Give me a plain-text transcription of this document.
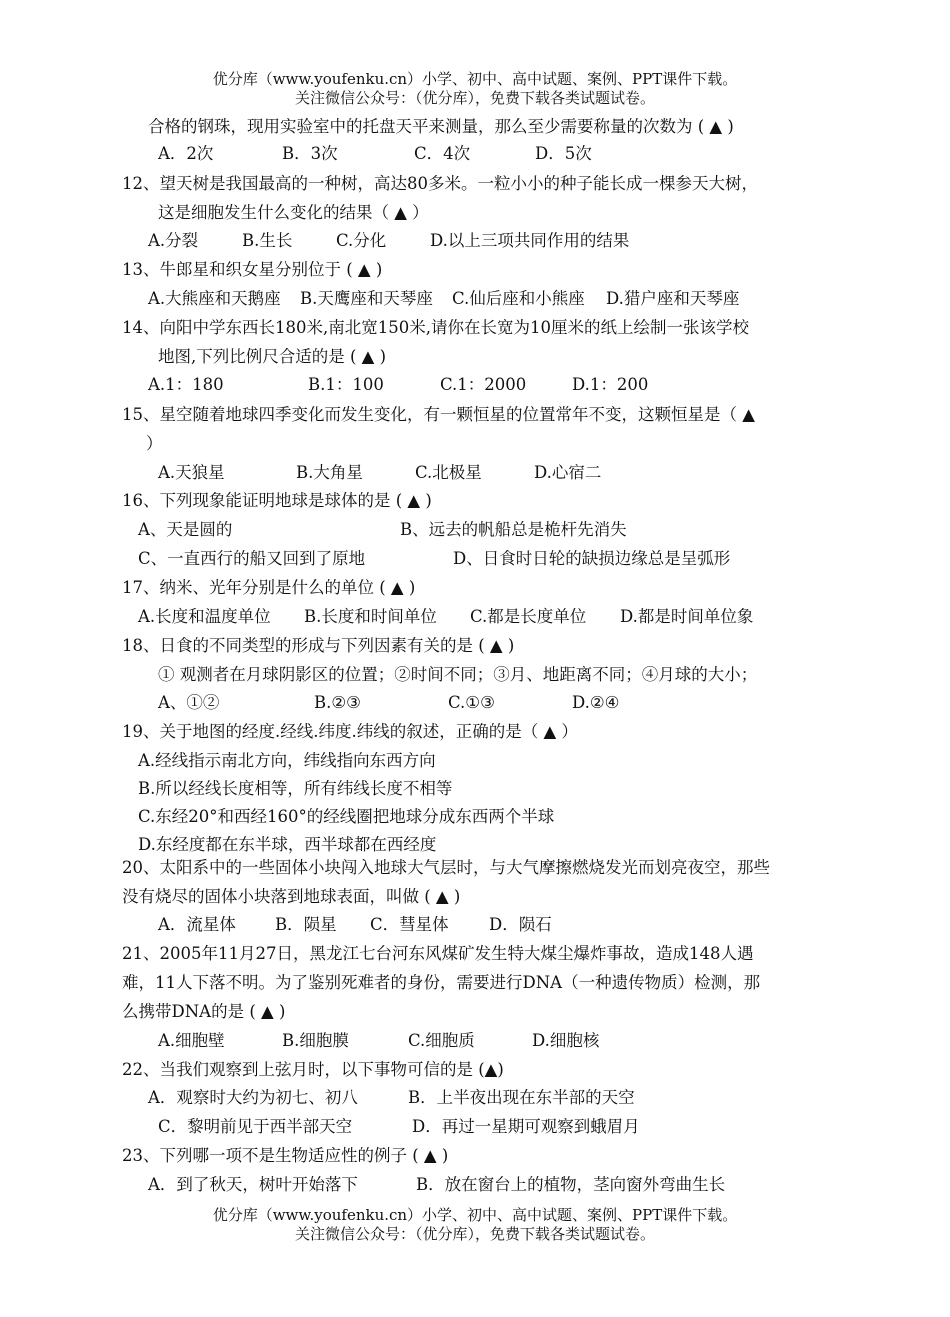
优分库（www.youfenku.cn）小学、初中、高中试题、案例、PPT课件下载。
关注微信公众号：（优分库），免费下载各类试题试卷。
合格的钢珠，现用实验室中的托盘天平来测量，那么至少需要称量的次数为 ( ▲ )
A．2次	B．3次	C．4次	D．5次
12、望天树是我国最高的一种树，高达80多米。一粒小小的种子能长成一棵参天大树，
这是细胞发生什么变化的结果（ ▲ ）
A.分裂	B.生长	C.分化	D.以上三项共同作用的结果
13、牛郎星和织女星分别位于 ( ▲ )
A.大熊座和天鹅座 B.天鹰座和天琴座 C.仙后座和小熊座 D.猎户座和天琴座
14、向阳中学东西长180米,南北宽150米,请你在长宽为10厘米的纸上绘制一张该学校
地图,下列比例尺合适的是 ( ▲ )
A.1：180	B.1：100	C.1：2000	D.1：200
15、星空随着地球四季变化而发生变化，有一颗恒星的位置常年不变，这颗恒星是（ ▲
）
A.天狼星	B.大角星	C.北极星	D.心宿二
16、下列现象能证明地球是球体的是 ( ▲ )
A、天是圆的	B、远去的帆船总是桅杆先消失
C、一直西行的船又回到了原地	D、日食时日轮的缺损边缘总是呈弧形
17、纳米、光年分别是什么的单位 ( ▲ )
A.长度和温度单位 B.长度和时间单位 C.都是长度单位 D.都是时间单位象
18、日食的不同类型的形成与下列因素有关的是 ( ▲ )
① 观测者在月球阴影区的位置；②时间不同；③月、地距离不同；④月球的大小；
A、①②	B.②③	C.①③	D.②④
19、关于地图的经度.经线.纬度.纬线的叙述，正确的是（ ▲ ）
A.经线指示南北方向，纬线指向东西方向
B.所以经线长度相等，所有纬线长度不相等
C.东经20°和西经160°的经线圈把地球分成东西两个半球
D.东经度都在东半球，西半球都在西经度
20、太阳系中的一些固体小块闯入地球大气层时，与大气摩擦燃烧发光而划亮夜空，那些
没有烧尽的固体小块落到地球表面，叫做 ( ▲ )
A．流星体 B．陨星 C．彗星体 D．陨石
21、2005年11月27日，黑龙江七台河东风煤矿发生特大煤尘爆炸事故，造成148人遇
难，11人下落不明。为了鉴别死难者的身份，需要进行DNA（一种遗传物质）检测，那
么携带DNA的是 ( ▲ )
A.细胞壁	B.细胞膜	C.细胞质	D.细胞核
22、当我们观察到上弦月时，以下事物可信的是 (▲)
A．观察时大约为初七、初八	B．上半夜出现在东半部的天空
C．黎明前见于西半部天空	D．再过一星期可观察到蛾眉月
23、下列哪一项不是生物适应性的例子 ( ▲ )
A．到了秋天，树叶开始落下	B．放在窗台上的植物，茎向窗外弯曲生长
优分库（www.youfenku.cn）小学、初中、高中试题、案例、PPT课件下载。
关注微信公众号：（优分库），免费下载各类试题试卷。
